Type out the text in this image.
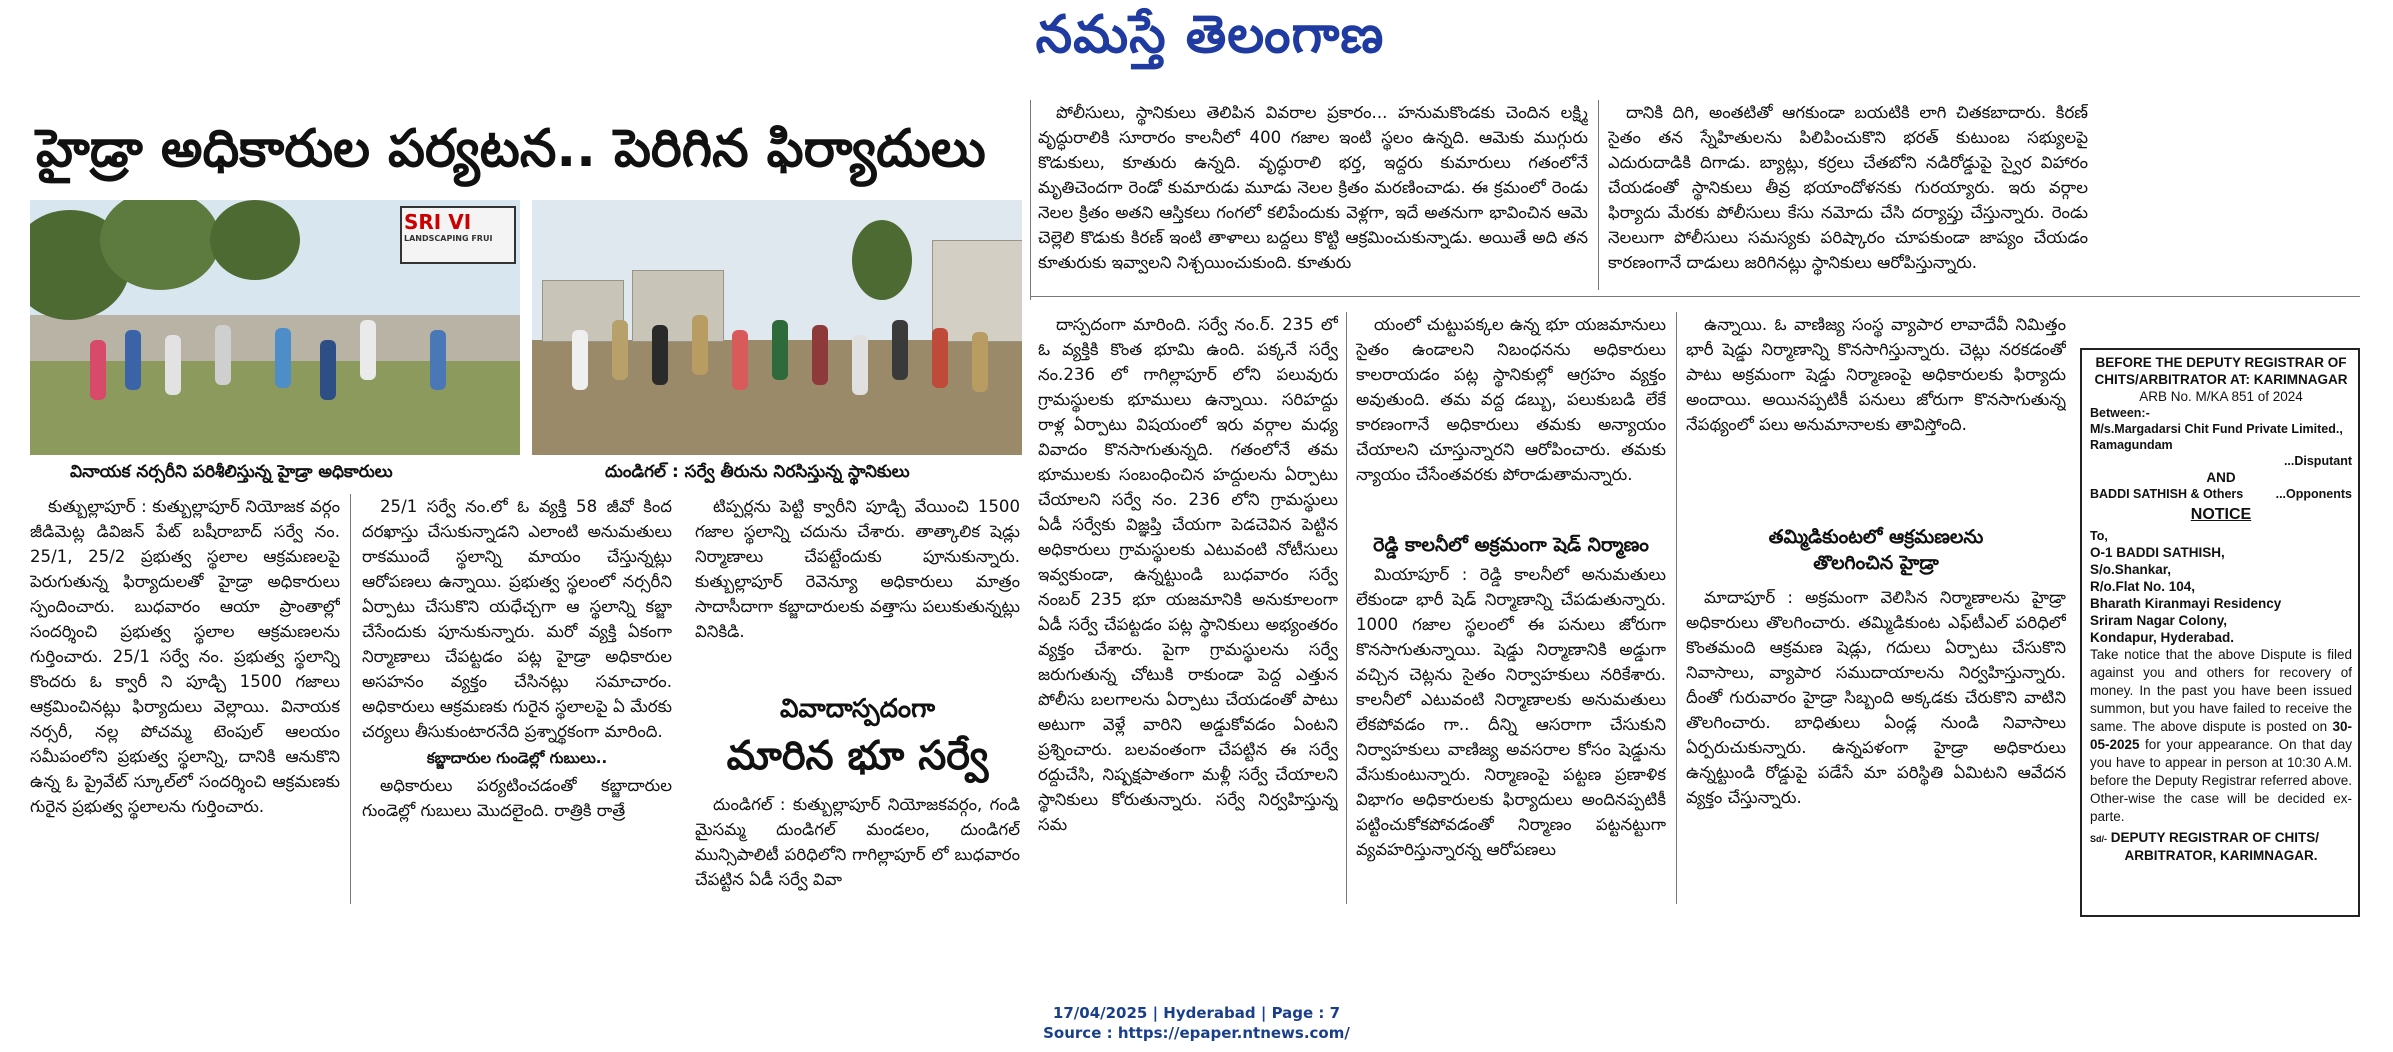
నమస్తే తెలంగాణ
హైడ్రా అధికారుల పర్యటన.. పెరిగిన ఫిర్యాదులు
SRI VI
LANDSCAPING FRUI
వినాయక నర్సరీని పరిశీలిస్తున్న హైడ్రా అధికారులు	దుండిగల్ : సర్వే తీరును నిరసిస్తున్న స్థానికులు

కుత్బుల్లాపూర్ : కుత్బుల్లాపూర్ నియోజక వర్గం జీడిమెట్ల డివిజన్ పేట్ బషీరాబాద్ సర్వే నం. 25/1, 25/2 ప్రభుత్వ స్థలాల ఆక్రమణలపై పెరుగుతున్న ఫిర్యాదులతో హైడ్రా అధికారులు స్పందించారు. బుధవారం ఆయా ప్రాంతాల్లో సందర్శించి ప్రభుత్వ స్థలాల ఆక్రమణలను గుర్తించారు. 25/1 సర్వే నం. ప్రభుత్వ స్థలాన్ని కొందరు ఓ క్వారీ ని పూడ్చి 1500 గజాలు ఆక్రమించినట్లు ఫిర్యాదులు వెల్లాయి. వినాయక నర్సరీ, నల్ల పోచమ్మ టెంపుల్ ఆలయం సమీపంలోని ప్రభుత్వ స్థలాన్ని, దానికి ఆనుకొని ఉన్న ఓ ప్రైవేట్ స్కూల్‌లో సందర్శించి ఆక్రమణకు గురైన ప్రభుత్వ స్థలాలను గుర్తించారు.

25/1 సర్వే నం.లో ఓ వ్యక్తి 58 జీవో కింద దరఖాస్తు చేసుకున్నాడని ఎలాంటి అనుమతులు రాకముందే స్థలాన్ని మాయం చేస్తున్నట్లు ఆరోపణలు ఉన్నాయి. ప్రభుత్వ స్థలంలో నర్సరీని ఏర్పాటు చేసుకొని యధేచ్చగా ఆ స్థలాన్ని కబ్జా చేసేందుకు పూనుకున్నారు. మరో వ్యక్తి ఏకంగా నిర్మాణాలు చేపట్టడం పట్ల హైడ్రా అధికారుల అసహనం వ్యక్తం చేసినట్లు సమాచారం. అధికారులు ఆక్రమణకు గురైన స్థలాలపై ఏ మేరకు చర్యలు తీసుకుంటారనేది ప్రశ్నార్థకంగా మారింది.

కబ్జాదారుల గుండెల్లో గుబులు..

అధికారులు పర్యటించడంతో కబ్జాదారుల గుండెల్లో గుబులు మొదలైంది. రాత్రికి రాత్రే

టిప్పర్లను పెట్టి క్వారీని పూడ్చి వేయించి 1500 గజాల స్థలాన్ని చదును చేశారు. తాత్కాలిక షెడ్లు నిర్మాణాలు చేపట్టేందుకు పూనుకున్నారు. కుత్బుల్లాపూర్ రెవెన్యూ అధికారులు మాత్రం సాదాసీదాగా కబ్జాదారులకు వత్తాసు పలుకుతున్నట్లు వినికిడి.

వివాదాస్పదంగా
మారిన భూ సర్వే

దుండిగల్ : కుత్బుల్లాపూర్ నియోజకవర్గం, గండి మైసమ్మ దుండిగల్ మండలం, దుండిగల్ మున్సిపాలిటీ పరిధిలోని గాగిల్లాపూర్ లో బుధవారం చేపట్టిన ఏడీ సర్వే వివా

పోలీసులు, స్థానికులు తెలిపిన వివరాల ప్రకారం... హనుమకొండకు చెందిన లక్ష్మి వృద్ధురాలికి సూరారం కాలనీలో 400 గజాల ఇంటి స్థలం ఉన్నది. ఆమెకు ముగ్గురు కొడుకులు, కూతురు ఉన్నది. వృద్ధురాలి భర్త, ఇద్దరు కుమారులు గతంలోనే మృతిచెందగా రెండో కుమారుడు మూడు నెలల క్రితం మరణించాడు. ఈ క్రమంలో రెండు నెలల క్రితం అతని ఆస్తికలు గంగలో కలిపేందుకు వెళ్లగా, ఇదే అతనుగా భావించిన ఆమె చెల్లెలి కొడుకు కిరణ్ ఇంటి తాళాలు బద్దలు కొట్టి ఆక్రమించుకున్నాడు. అయితే అది తన కూతురుకు ఇవ్వాలని నిశ్చయించుకుంది. కూతురు

దానికి దిగి, అంతటితో ఆగకుండా బయటికి లాగి చితకబాదారు. కిరణ్ సైతం తన స్నేహితులను పిలిపించుకొని భరత్ కుటుంబ సభ్యులపై ఎదురుదాడికి దిగాడు. బ్యాట్లు, కర్రలు చేతబోని నడిరోడ్డుపై స్వైర విహారం చేయడంతో స్థానికులు తీవ్ర భయాందోళనకు గురయ్యారు. ఇరు వర్గాల ఫిర్యాదు మేరకు పోలీసులు కేసు నమోదు చేసి దర్యాప్తు చేస్తున్నారు. రెండు నెలలుగా పోలీసులు సమస్యకు పరిష్కారం చూపకుండా జాప్యం చేయడం కారణంగానే దాడులు జరిగినట్లు స్థానికులు ఆరోపిస్తున్నారు.

దాస్పదంగా మారింది. సర్వే నం.ర్. 235 లో ఓ వ్యక్తికి కొంత భూమి ఉంది. పక్కనే సర్వే నం.236 లో గాగిల్లాపూర్ లోని పలువురు గ్రామస్థులకు భూములు ఉన్నాయి. సరిహద్దు రాళ్ల ఏర్పాటు విషయంలో ఇరు వర్గాల మధ్య వివాదం కొనసాగుతున్నది. గతంలోనే తమ భూములకు సంబంధించిన హద్దులను ఏర్పాటు చేయాలని సర్వే నం. 236 లోని గ్రామస్థులు ఏడీ సర్వేకు విజ్ఞప్తి చేయగా పెడచెవిన పెట్టిన అధికారులు గ్రామస్థులకు ఎటువంటి నోటీసులు ఇవ్వకుండా, ఉన్నట్టుండి బుధవారం సర్వే నంబర్ 235 భూ యజమానికి అనుకూలంగా ఏడీ సర్వే చేపట్టడం పట్ల స్థానికులు అభ్యంతరం వ్యక్తం చేశారు. పైగా గ్రామస్థులను సర్వే జరుగుతున్న చోటుకి రాకుండా పెద్ద ఎత్తున పోలీసు బలగాలను ఏర్పాటు చేయడంతో పాటు అటుగా వెళ్లే వారిని అడ్డుకోవడం ఏంటని ప్రశ్నించారు. బలవంతంగా చేపట్టిన ఈ సర్వే రద్దుచేసి, నిష్పక్షపాతంగా మళ్లీ సర్వే చేయాలని స్థానికులు కోరుతున్నారు. సర్వే నిర్వహిస్తున్న సమ

యంలో చుట్టుపక్కల ఉన్న భూ యజమానులు సైతం ఉండాలని నిబంధనను అధికారులు కాలరాయడం పట్ల స్థానికుల్లో ఆగ్రహం వ్యక్తం అవుతుంది. తమ వద్ద డబ్బు, పలుకుబడి లేకే కారణంగానే అధికారులు తమకు అన్యాయం చేయాలని చూస్తున్నారని ఆరోపించారు. తమకు న్యాయం చేసేంతవరకు పోరాడుతామన్నారు.

రెడ్డి కాలనీలో అక్రమంగా షెడ్ నిర్మాణం

మియాపూర్ : రెడ్డి కాలనీలో అనుమతులు లేకుండా భారీ షెడ్ నిర్మాణాన్ని చేపడుతున్నారు. 1000 గజాల స్థలంలో ఈ పనులు జోరుగా కొనసాగుతున్నాయి. షెడ్డు నిర్మాణానికి అడ్డుగా వచ్చిన చెట్లను సైతం నిర్వాహకులు నరికేశారు. కాలనీలో ఎటువంటి నిర్మాణాలకు అనుమతులు లేకపోవడం గా.. దీన్ని ఆసరాగా చేసుకుని నిర్వాహకులు వాణిజ్య అవసరాల కోసం షెడ్డును వేసుకుంటున్నారు. నిర్మాణంపై పట్టణ ప్రణాళిక విభాగం అధికారులకు ఫిర్యాదులు అందినప్పటికీ పట్టించుకోకపోవడంతో నిర్మాణం పట్టనట్టుగా వ్యవహరిస్తున్నారన్న ఆరోపణలు

ఉన్నాయి. ఓ వాణిజ్య సంస్థ వ్యాపార లావాదేవీ నిమిత్తం భారీ షెడ్డు నిర్మాణాన్ని కొనసాగిస్తున్నారు. చెట్లు నరకడంతో పాటు అక్రమంగా షెడ్డు నిర్మాణంపై అధికారులకు ఫిర్యాదు అందాయి. అయినప్పటికీ పనులు జోరుగా కొనసాగుతున్న నేపథ్యంలో పలు అనుమానాలకు తావిస్తోంది.

తమ్మిడికుంటలో ఆక్రమణలను
తొలగించిన హైడ్రా

మాదాపూర్ : అక్రమంగా వెలిసిన నిర్మాణాలను హైడ్రా అధికారులు తొలగించారు. తమ్మిడికుంట ఎఫ్‌టీఎల్ పరిధిలో కొంతమంది ఆక్రమణ షెడ్లు, గదులు ఏర్పాటు చేసుకొని నివాసాలు, వ్యాపార సముదాయాలను నిర్వహిస్తున్నారు. దీంతో గురువారం హైడ్రా సిబ్బంది అక్కడకు చేరుకొని వాటిని తొలగించారు. బాధితులు ఏండ్ల నుండి నివాసాలు ఏర్పరుచుకున్నారు. ఉన్నపళంగా హైడ్రా అధికారులు ఉన్నట్టుండి రోడ్డుపై పడేసే మా పరిస్థితి ఏమిటని ఆవేదన వ్యక్తం చేస్తున్నారు.

BEFORE THE DEPUTY REGISTRAR OF
CHITS/ARBITRATOR AT: KARIMNAGAR
ARB No. M/KA 851 of 2024
Between:-
M/s.Margadarsi Chit Fund Private Limited., Ramagundam
...Disputant
AND
BADDI SATHISH & Others	...Opponents
NOTICE
To,
O-1 BADDI SATHISH,
S/o.Shankar,
R/o.Flat No. 104,
Bharath Kiranmayi Residency
Sriram Nagar Colony,
Kondapur, Hyderabad.
Take notice that the above Dispute is filed against you and others for recovery of money. In the past you have been issued summon, but you have failed to receive the same. The above dispute is posted on 30-05-2025 for your appearance. On that day you have to appear in person at 10:30 A.M. before the Deputy Registrar referred above. Other-wise the case will be decided ex-parte.
Sd/- DEPUTY REGISTRAR OF CHITS/
ARBITRATOR, KARIMNAGAR.
17/04/2025 | Hyderabad | Page : 7
Source : https://epaper.ntnews.com/
